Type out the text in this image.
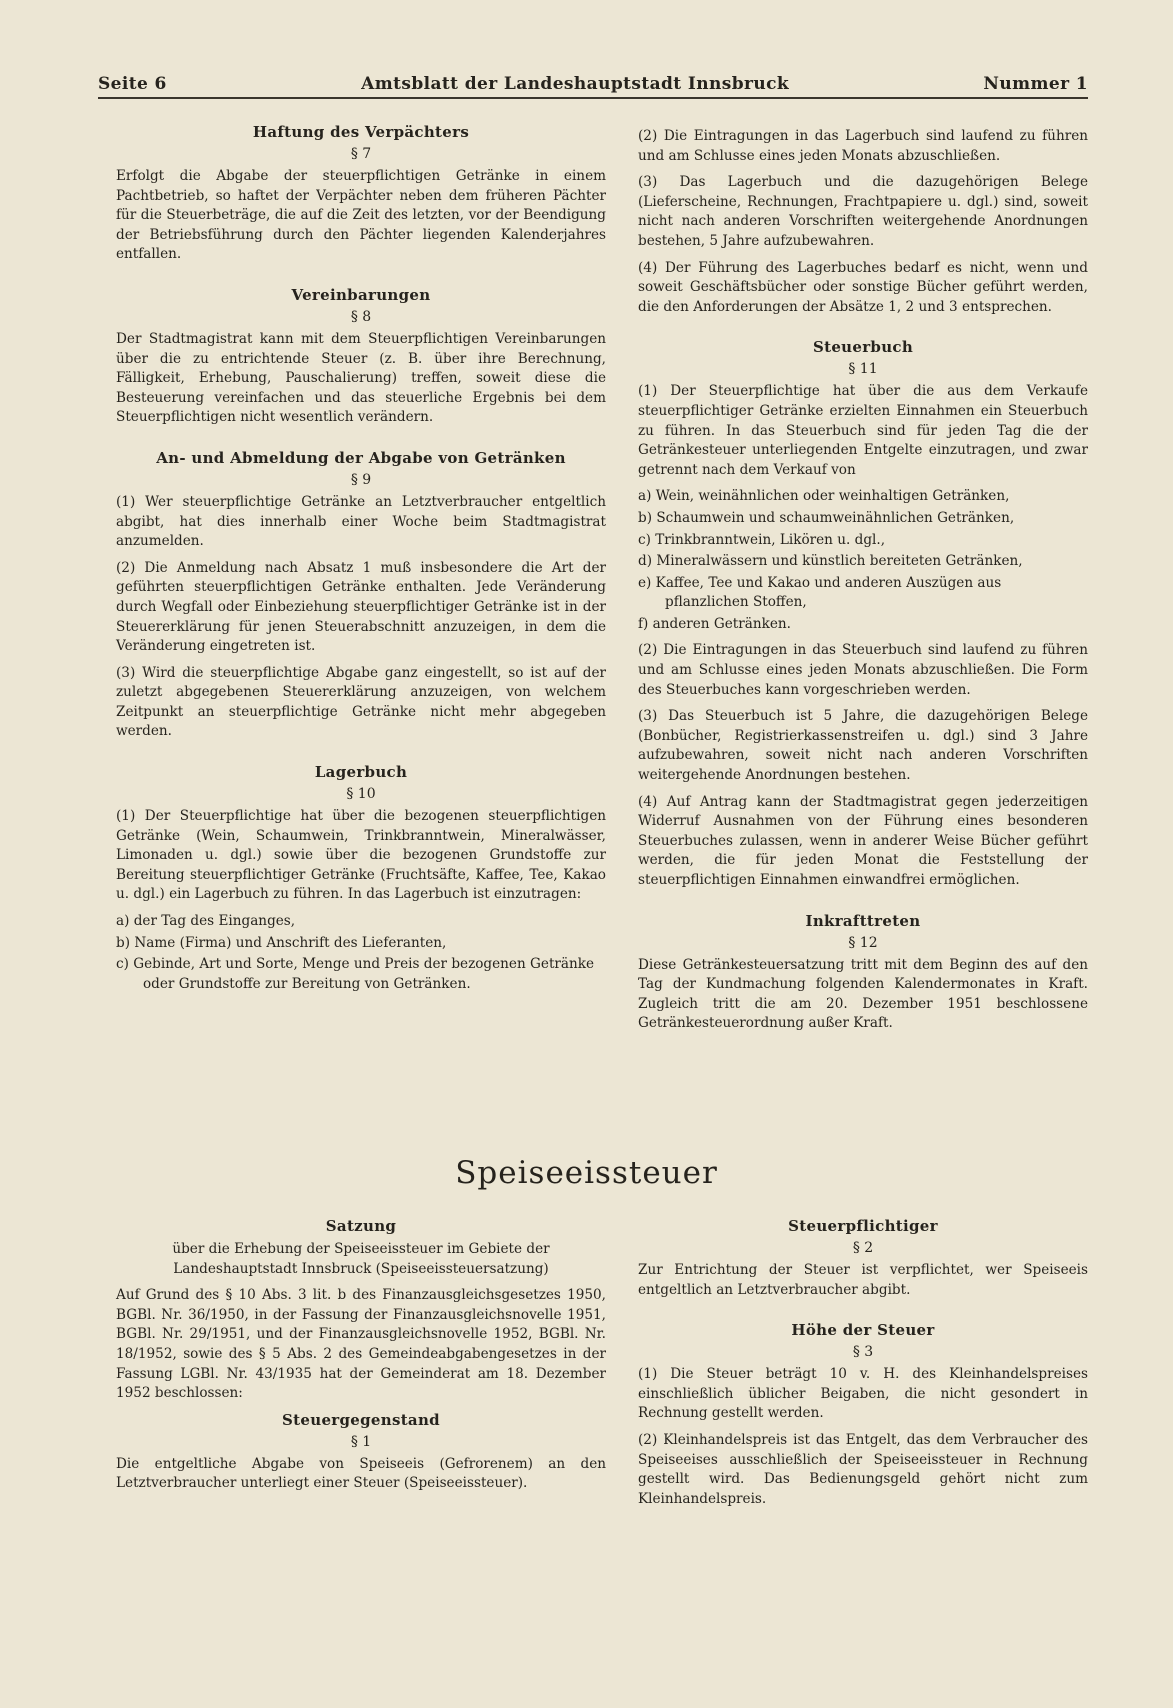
Seite 6	Amtsblatt der Landeshauptstadt Innsbruck	Nummer 1
Haftung des Verpächters
§ 7

Erfolgt die Abgabe der steuerpflichtigen Getränke in einem Pachtbetrieb, so haftet der Verpächter neben dem früheren Pächter für die Steuerbeträge, die auf die Zeit des letzten, vor der Beendigung der Betriebsführung durch den Pächter liegenden Kalenderjahres entfallen.

Vereinbarungen
§ 8

Der Stadtmagistrat kann mit dem Steuerpflichtigen Vereinbarungen über die zu entrichtende Steuer (z. B. über ihre Berechnung, Fälligkeit, Erhebung, Pauschalierung) treffen, soweit diese die Besteuerung vereinfachen und das steuerliche Ergebnis bei dem Steuerpflichtigen nicht wesentlich verändern.

An- und Abmeldung der Abgabe von Getränken
§ 9

(1) Wer steuerpflichtige Getränke an Letztverbraucher entgeltlich abgibt, hat dies innerhalb einer Woche beim Stadtmagistrat anzumelden.

(2) Die Anmeldung nach Absatz 1 muß insbesondere die Art der geführten steuerpflichtigen Getränke enthalten. Jede Veränderung durch Wegfall oder Einbeziehung steuerpflichtiger Getränke ist in der Steuererklärung für jenen Steuerabschnitt anzuzeigen, in dem die Veränderung eingetreten ist.

(3) Wird die steuerpflichtige Abgabe ganz eingestellt, so ist auf der zuletzt abgegebenen Steuererklärung anzuzeigen, von welchem Zeitpunkt an steuerpflichtige Getränke nicht mehr abgegeben werden.

Lagerbuch
§ 10

(1) Der Steuerpflichtige hat über die bezogenen steuerpflichtigen Getränke (Wein, Schaumwein, Trinkbranntwein, Mineralwässer, Limonaden u. dgl.) sowie über die bezogenen Grundstoffe zur Bereitung steuerpflichtiger Getränke (Fruchtsäfte, Kaffee, Tee, Kakao u. dgl.) ein Lagerbuch zu führen. In das Lagerbuch ist einzutragen:

a) der Tag des Einganges,
b) Name (Firma) und Anschrift des Lieferanten,
c) Gebinde, Art und Sorte, Menge und Preis der bezogenen Getränke oder Grundstoffe zur Bereitung von Getränken.

(2) Die Eintragungen in das Lagerbuch sind laufend zu führen und am Schlusse eines jeden Monats abzuschließen.

(3) Das Lagerbuch und die dazugehörigen Belege (Lieferscheine, Rechnungen, Frachtpapiere u. dgl.) sind, soweit nicht nach anderen Vorschriften weitergehende Anordnungen bestehen, 5 Jahre aufzubewahren.

(4) Der Führung des Lagerbuches bedarf es nicht, wenn und soweit Geschäftsbücher oder sonstige Bücher geführt werden, die den Anforderungen der Absätze 1, 2 und 3 entsprechen.

Steuerbuch
§ 11

(1) Der Steuerpflichtige hat über die aus dem Verkaufe steuerpflichtiger Getränke erzielten Einnahmen ein Steuerbuch zu führen. In das Steuerbuch sind für jeden Tag die der Getränkesteuer unterliegenden Entgelte einzutragen, und zwar getrennt nach dem Verkauf von

a) Wein, weinähnlichen oder weinhaltigen Getränken,
b) Schaumwein und schaumweinähnlichen Getränken,
c) Trinkbranntwein, Likören u. dgl.,
d) Mineralwässern und künstlich bereiteten Getränken,
e) Kaffee, Tee und Kakao und anderen Auszügen aus pflanzlichen Stoffen,
f) anderen Getränken.

(2) Die Eintragungen in das Steuerbuch sind laufend zu führen und am Schlusse eines jeden Monats abzuschließen. Die Form des Steuerbuches kann vorgeschrieben werden.

(3) Das Steuerbuch ist 5 Jahre, die dazugehörigen Belege (Bonbücher, Registrierkassenstreifen u. dgl.) sind 3 Jahre aufzubewahren, soweit nicht nach anderen Vorschriften weitergehende Anordnungen bestehen.

(4) Auf Antrag kann der Stadtmagistrat gegen jederzeitigen Widerruf Ausnahmen von der Führung eines besonderen Steuerbuches zulassen, wenn in anderer Weise Bücher geführt werden, die für jeden Monat die Feststellung der steuerpflichtigen Einnahmen einwandfrei ermöglichen.

Inkrafttreten
§ 12

Diese Getränkesteuersatzung tritt mit dem Beginn des auf den Tag der Kundmachung folgenden Kalendermonates in Kraft. Zugleich tritt die am 20. Dezember 1951 beschlossene Getränkesteuerordnung außer Kraft.

Speiseeissteuer
Satzung

über die Erhebung der Speiseeissteuer im Gebiete der Landeshauptstadt Innsbruck (Speiseeissteuersatzung)

Auf Grund des § 10 Abs. 3 lit. b des Finanzausgleichsgesetzes 1950, BGBl. Nr. 36/1950, in der Fassung der Finanzausgleichsnovelle 1951, BGBl. Nr. 29/1951, und der Finanzausgleichsnovelle 1952, BGBl. Nr. 18/1952, sowie des § 5 Abs. 2 des Gemeindeabgabengesetzes in der Fassung LGBl. Nr. 43/1935 hat der Gemeinderat am 18. Dezember 1952 beschlossen:

Steuergegenstand
§ 1

Die entgeltliche Abgabe von Speiseeis (Gefrorenem) an den Letztverbraucher unterliegt einer Steuer (Speiseeissteuer).

Steuerpflichtiger
§ 2

Zur Entrichtung der Steuer ist verpflichtet, wer Speiseeis entgeltlich an Letztverbraucher abgibt.

Höhe der Steuer
§ 3

(1) Die Steuer beträgt 10 v. H. des Kleinhandelspreises einschließlich üblicher Beigaben, die nicht gesondert in Rechnung gestellt werden.

(2) Kleinhandelspreis ist das Entgelt, das dem Verbraucher des Speiseeises ausschließlich der Speiseeissteuer in Rechnung gestellt wird. Das Bedienungsgeld gehört nicht zum Kleinhandelspreis.
